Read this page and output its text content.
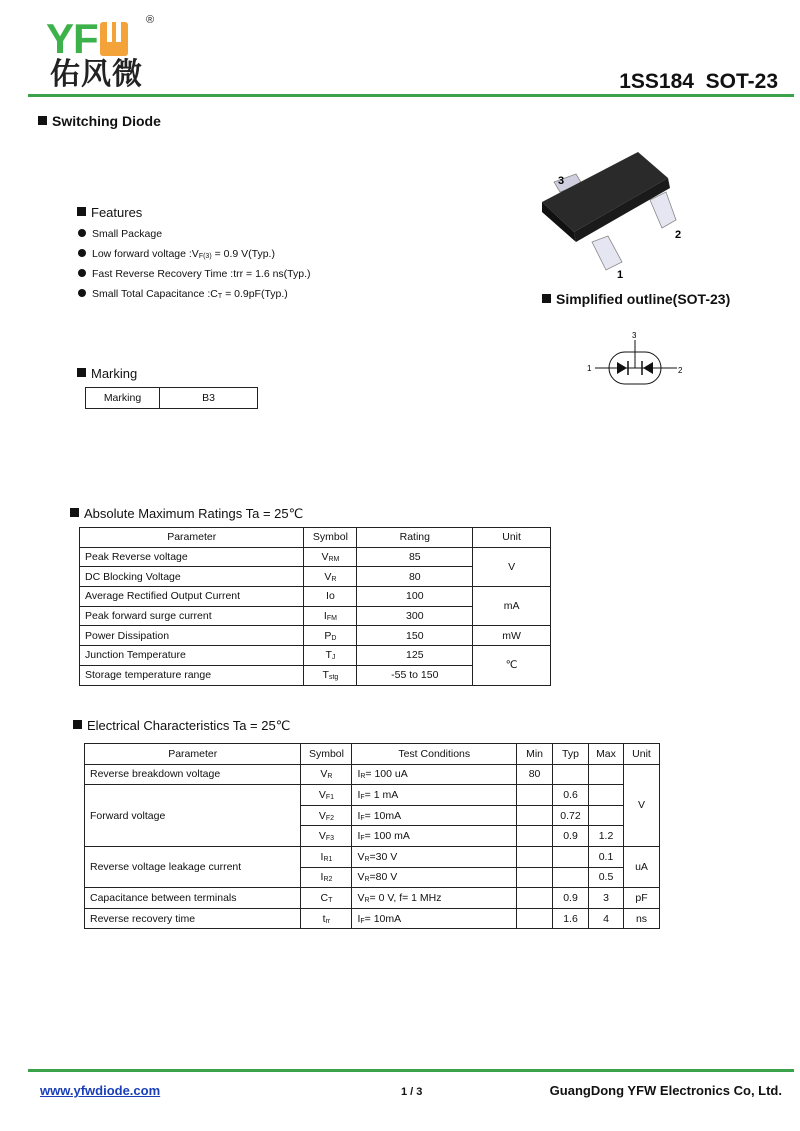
YF	®
佑风微	1SS184  SOT-23
Switching Diode
Features
Small Package
Low forward voltage $:V_{F(3)} = 0.9$ V(Typ.)
Fast Reverse Recovery Time :trr = 1.6 ns(Typ.)
Small Total Capacitance $:C_T = 0.9pF(Typ.)$
3
2
1
Simplified outline(SOT-23)
1	2
3
Marking
Marking	B3
Absolute Maximum Ratings Ta = 25℃
Parameter	Symbol	Rating	Unit
Peak Reverse voltage	$V_{RM}$	85	V
DC Blocking Voltage	$V_R$	80	
Average Rectified Output Current	Io	100	mA
Peak forward surge current	$I_{FM}$	300	
Power Dissipation	$P_D$	150	mW
Junction Temperature	$T_J$	125	℃
Storage temperature range	$T_{stg}$	-55 to 150	
Electrical Characteristics Ta = 25℃
Parameter	Symbol	Test Conditions	Min	Typ	Max	Unit
Reverse breakdown voltage	$V_R$	$I_R= 100$ uA	80			V
Forward voltage	$V_{F1}$	$I_F= 1$ mA		0.6		
	$V_{F2}$	$I_F= 10mA$		0.72		
	$V_{F3}$	$I_F= 100$ mA		0.9	1.2	
Reverse voltage leakage current	$I_{R1}$	$V_R=30$ V			0.1	uA
	$I_{R2}$	$V_R=80$ V			0.5	
Capacitance between terminals	$C_T$	$V_R= 0$ V, f= 1 MHz		0.9	3	pF
Reverse recovery time	$t_{rr}$	$I_F= 10mA$		1.6	4	ns
www.yfwdiode.com	1 / 3	GuangDong YFW Electronics Co, Ltd.
